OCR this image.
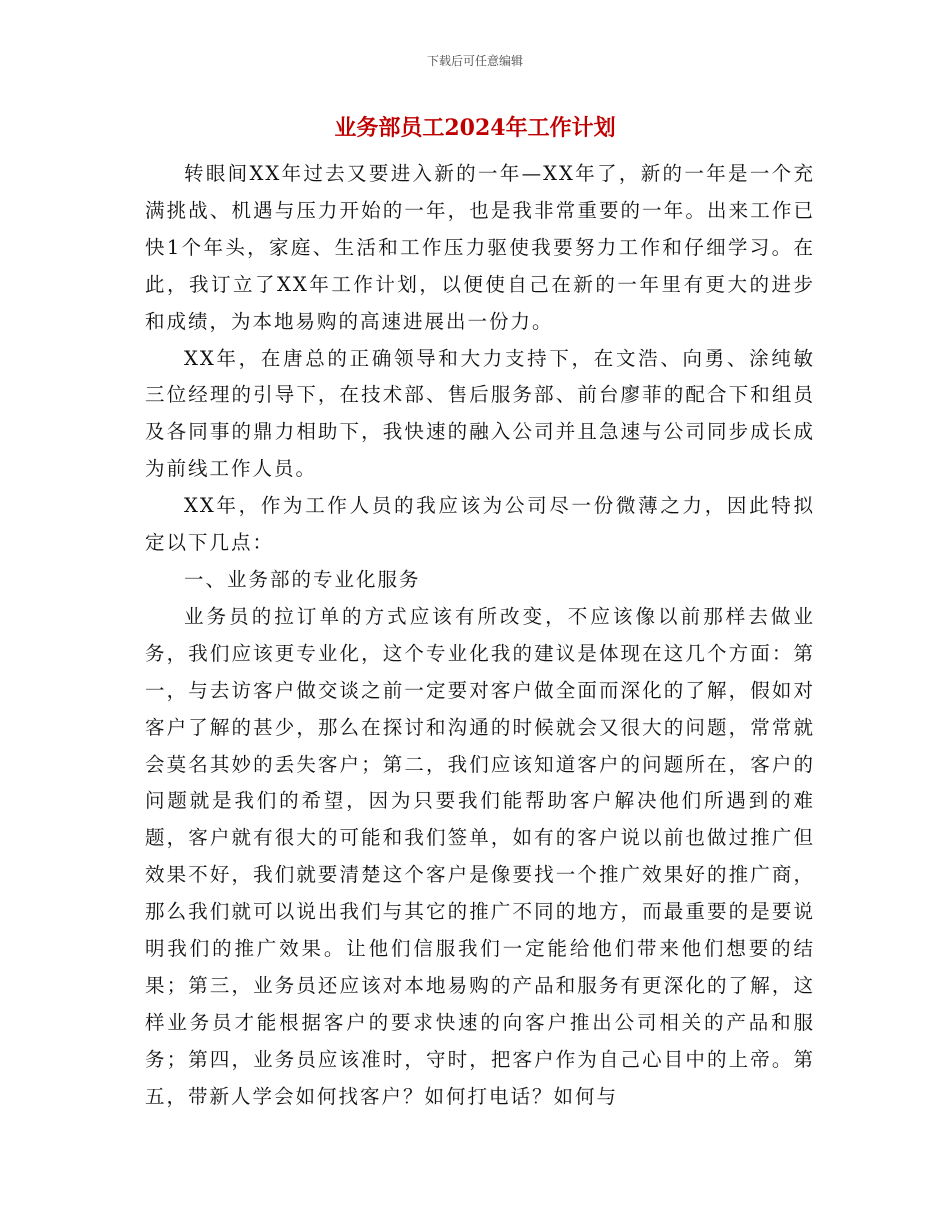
下载后可任意编辑
业务部员工2024年工作计划

转眼间XX年过去又要进入新的一年—XX年了，新的一年是一个充满挑战、机遇与压力开始的一年，也是我非常重要的一年。出来工作已快1个年头，家庭、生活和工作压力驱使我要努力工作和仔细学习。在此，我订立了XX年工作计划，以便使自己在新的一年里有更大的进步和成绩，为本地易购的高速进展出一份力。

XX年，在唐总的正确领导和大力支持下，在文浩、向勇、涂纯敏三位经理的引导下，在技术部、售后服务部、前台廖菲的配合下和组员及各同事的鼎力相助下，我快速的融入公司并且急速与公司同步成长成为前线工作人员。

XX年，作为工作人员的我应该为公司尽一份微薄之力，因此特拟定以下几点：

一、业务部的专业化服务

业务员的拉订单的方式应该有所改变，不应该像以前那样去做业务，我们应该更专业化，这个专业化我的建议是体现在这几个方面：第一，与去访客户做交谈之前一定要对客户做全面而深化的了解，假如对客户了解的甚少，那么在探讨和沟通的时候就会又很大的问题，常常就会莫名其妙的丢失客户；第二，我们应该知道客户的问题所在，客户的问题就是我们的希望，因为只要我们能帮助客户解决他们所遇到的难题，客户就有很大的可能和我们签单，如有的客户说以前也做过推广但效果不好，我们就要清楚这个客户是像要找一个推广效果好的推广商，那么我们就可以说出我们与其它的推广不同的地方，而最重要的是要说明我们的推广效果。让他们信服我们一定能给他们带来他们想要的结果；第三，业务员还应该对本地易购的产品和服务有更深化的了解，这样业务员才能根据客户的要求快速的向客户推出公司相关的产品和服务；第四，业务员应该准时，守时，把客户作为自己心目中的上帝。第五，带新人学会如何找客户？如何打电话？如何与
